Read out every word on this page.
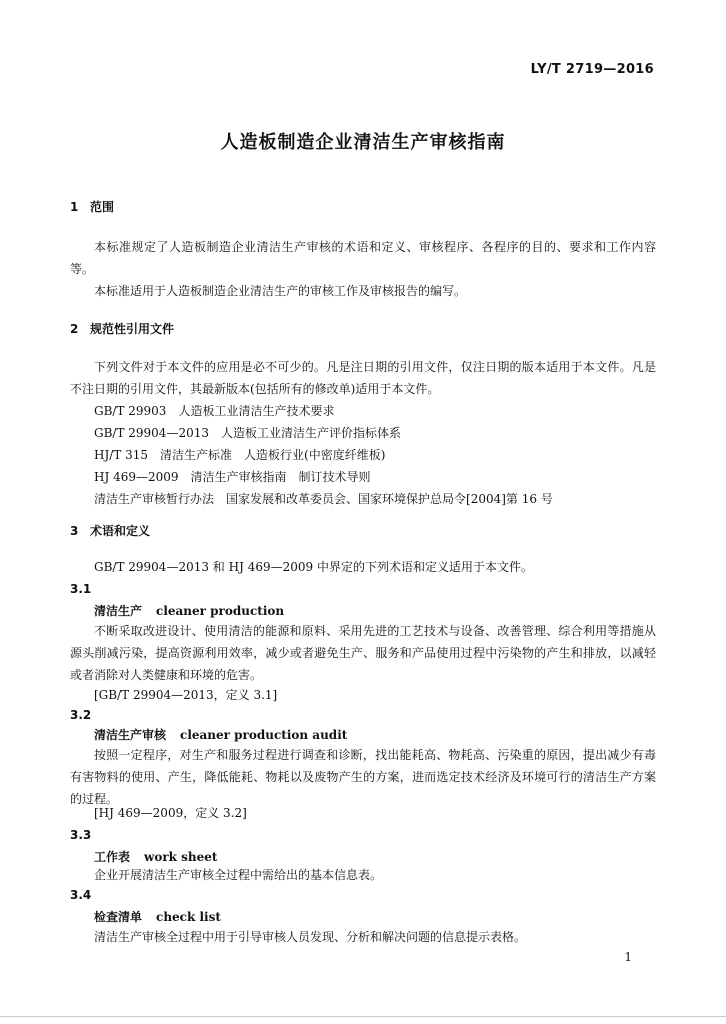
LY/T 2719—2016
人造板制造企业清洁生产审核指南
1 范围
本标准规定了人造板制造企业清洁生产审核的术语和定义、审核程序、各程序的目的、要求和工作内容等。
本标准适用于人造板制造企业清洁生产的审核工作及审核报告的编写。
2 规范性引用文件
下列文件对于本文件的应用是必不可少的。凡是注日期的引用文件，仅注日期的版本适用于本文件。凡是不注日期的引用文件，其最新版本(包括所有的修改单)适用于本文件。
GB/T 29903 人造板工业清洁生产技术要求
GB/T 29904—2013 人造板工业清洁生产评价指标体系
HJ/T 315 清洁生产标准　人造板行业(中密度纤维板)
HJ 469—2009 清洁生产审核指南　制订技术导则
清洁生产审核暂行办法 国家发展和改革委员会、国家环境保护总局令[2004]第 16 号
3 术语和定义
GB/T 29904—2013 和 HJ 469—2009 中界定的下列术语和定义适用于本文件。
3.1
清洁生产 cleaner production
不断采取改进设计、使用清洁的能源和原料、采用先进的工艺技术与设备、改善管理、综合利用等措施从源头削减污染，提高资源利用效率，减少或者避免生产、服务和产品使用过程中污染物的产生和排放，以减轻或者消除对人类健康和环境的危害。
[GB/T 29904—2013，定义 3.1]
3.2
清洁生产审核 cleaner production audit
按照一定程序，对生产和服务过程进行调查和诊断，找出能耗高、物耗高、污染重的原因，提出减少有毒有害物料的使用、产生，降低能耗、物耗以及废物产生的方案，进而选定技术经济及环境可行的清洁生产方案的过程。
[HJ 469—2009，定义 3.2]
3.3
工作表 work sheet
企业开展清洁生产审核全过程中需给出的基本信息表。
3.4
检查清单 check list
清洁生产审核全过程中用于引导审核人员发现、分析和解决问题的信息提示表格。
1
